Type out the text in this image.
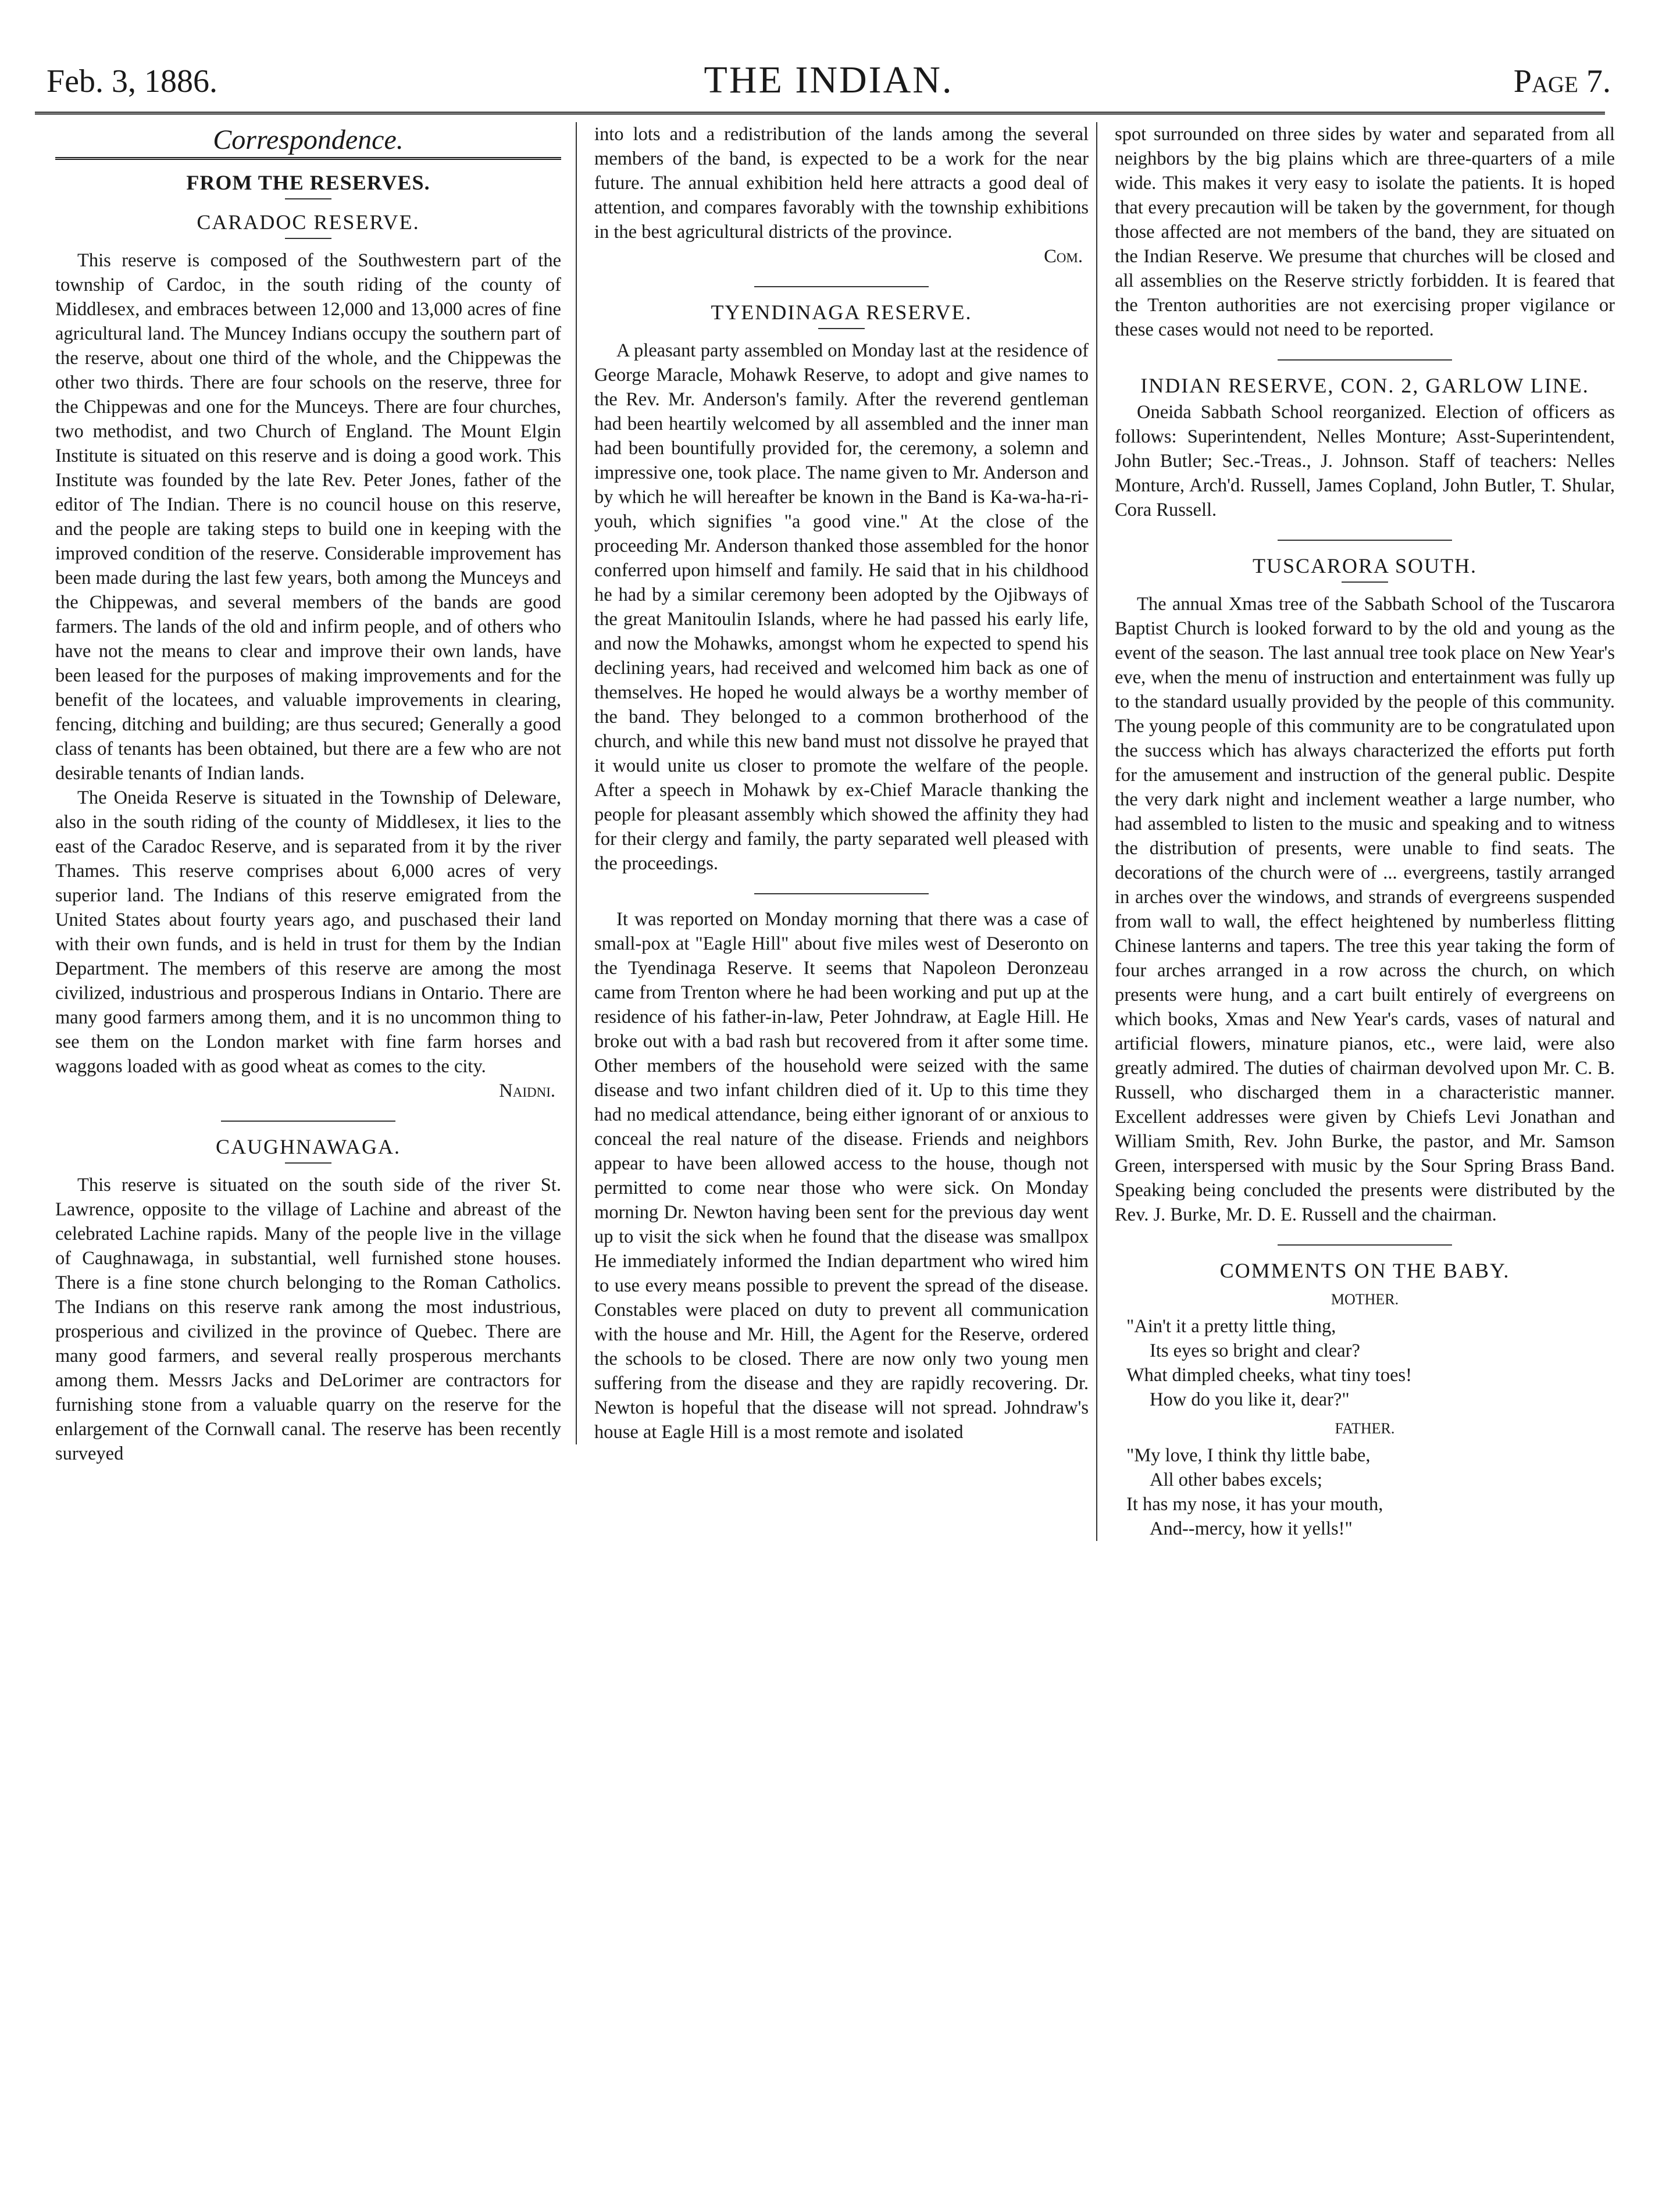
Feb. 3, 1886.	THE INDIAN.	Page 7.
Correspondence.
FROM THE RESERVES.
CARADOC RESERVE.

This reserve is composed of the Southwestern part of the township of Cardoc, in the south riding of the county of Middlesex, and embraces between 12,000 and 13,000 acres of fine agricultural land. The Muncey Indians occupy the southern part of the reserve, about one third of the whole, and the Chippewas the other two thirds. There are four schools on the reserve, three for the Chippewas and one for the Munceys. There are four churches, two methodist, and two Church of England. The Mount Elgin Institute is situated on this reserve and is doing a good work. This Institute was founded by the late Rev. Peter Jones, father of the editor of The Indian. There is no council house on this reserve, and the people are taking steps to build one in keeping with the improved condition of the reserve. Considerable improvement has been made during the last few years, both among the Munceys and the Chippewas, and several members of the bands are good farmers. The lands of the old and infirm people, and of others who have not the means to clear and improve their own lands, have been leased for the purposes of making improvements and for the benefit of the locatees, and valuable improvements in clearing, fencing, ditching and building; are thus secured; Generally a good class of tenants has been obtained, but there are a few who are not desirable tenants of Indian lands.

The Oneida Reserve is situated in the Township of Deleware, also in the south riding of the county of Middlesex, it lies to the east of the Caradoc Reserve, and is separated from it by the river Thames. This reserve comprises about 6,000 acres of very superior land. The Indians of this reserve emigrated from the United States about fourty years ago, and puschased their land with their own funds, and is held in trust for them by the Indian Department. The members of this reserve are among the most civilized, industrious and prosperous Indians in Ontario. There are many good farmers among them, and it is no uncommon thing to see them on the London market with fine farm horses and waggons loaded with as good wheat as comes to the city.

Naidni.
CAUGHNAWAGA.

This reserve is situated on the south side of the river St. Lawrence, opposite to the village of Lachine and abreast of the celebrated Lachine rapids. Many of the people live in the village of Caughnawaga, in substantial, well furnished stone houses. There is a fine stone church belonging to the Roman Catholics. The Indians on this reserve rank among the most industrious, prosperious and civilized in the province of Quebec. There are many good farmers, and several really prosperous merchants among them. Messrs Jacks and DeLorimer are contractors for furnishing stone from a valuable quarry on the reserve for the enlargement of the Cornwall canal. The reserve has been recently surveyed

into lots and a redistribution of the lands among the several members of the band, is expected to be a work for the near future. The annual exhibition held here attracts a good deal of attention, and compares favorably with the township exhibitions in the best agricultural districts of the province.

Com.
TYENDINAGA RESERVE.

A pleasant party assembled on Monday last at the residence of George Maracle, Mohawk Reserve, to adopt and give names to the Rev. Mr. Anderson's family. After the reverend gentleman had been heartily welcomed by all assembled and the inner man had been bountifully provided for, the ceremony, a solemn and impressive one, took place. The name given to Mr. Anderson and by which he will hereafter be known in the Band is Ka-wa-ha-ri-youh, which signifies "a good vine." At the close of the proceeding Mr. Anderson thanked those assembled for the honor conferred upon himself and family. He said that in his childhood he had by a similar ceremony been adopted by the Ojibways of the great Manitoulin Islands, where he had passed his early life, and now the Mohawks, amongst whom he expected to spend his declining years, had received and welcomed him back as one of themselves. He hoped he would always be a worthy member of the band. They belonged to a common brotherhood of the church, and while this new band must not dissolve he prayed that it would unite us closer to promote the welfare of the people. After a speech in Mohawk by ex-Chief Maracle thanking the people for pleasant assembly which showed the affinity they had for their clergy and family, the party separated well pleased with the proceedings.

It was reported on Monday morning that there was a case of small-pox at "Eagle Hill" about five miles west of Deseronto on the Tyendinaga Reserve. It seems that Napoleon Deronzeau came from Trenton where he had been working and put up at the residence of his father-in-law, Peter Johndraw, at Eagle Hill. He broke out with a bad rash but recovered from it after some time. Other members of the household were seized with the same disease and two infant children died of it. Up to this time they had no medical attendance, being either ignorant of or anxious to conceal the real nature of the disease. Friends and neighbors appear to have been allowed access to the house, though not permitted to come near those who were sick. On Monday morning Dr. Newton having been sent for the previous day went up to visit the sick when he found that the disease was smallpox He immediately informed the Indian department who wired him to use every means possible to prevent the spread of the disease. Constables were placed on duty to prevent all communication with the house and Mr. Hill, the Agent for the Reserve, ordered the schools to be closed. There are now only two young men suffering from the disease and they are rapidly recovering. Dr. Newton is hopeful that the disease will not spread. Johndraw's house at Eagle Hill is a most remote and isolated

spot surrounded on three sides by water and separated from all neighbors by the big plains which are three-quarters of a mile wide. This makes it very easy to isolate the patients. It is hoped that every precaution will be taken by the government, for though those affected are not members of the band, they are situated on the Indian Reserve. We presume that churches will be closed and all assemblies on the Reserve strictly forbidden. It is feared that the Trenton authorities are not exercising proper vigilance or these cases would not need to be reported.

INDIAN RESERVE, CON. 2, GARLOW LINE.

Oneida Sabbath School reorganized. Election of officers as follows: Superintendent, Nelles Monture; Asst-Superintendent, John Butler; Sec.-Treas., J. Johnson. Staff of teachers: Nelles Monture, Arch'd. Russell, James Copland, John Butler, T. Shular, Cora Russell.

TUSCARORA SOUTH.

The annual Xmas tree of the Sabbath School of the Tuscarora Baptist Church is looked forward to by the old and young as the event of the season. The last annual tree took place on New Year's eve, when the menu of instruction and entertainment was fully up to the standard usually provided by the people of this community. The young people of this community are to be congratulated upon the success which has always characterized the efforts put forth for the amusement and instruction of the general public. Despite the very dark night and inclement weather a large number, who had assembled to listen to the music and speaking and to witness the distribution of presents, were unable to find seats. The decorations of the church were of ... evergreens, tastily arranged in arches over the windows, and strands of evergreens suspended from wall to wall, the effect heightened by numberless flitting Chinese lanterns and tapers. The tree this year taking the form of four arches arranged in a row across the church, on which presents were hung, and a cart built entirely of evergreens on which books, Xmas and New Year's cards, vases of natural and artificial flowers, minature pianos, etc., were laid, were also greatly admired. The duties of chairman devolved upon Mr. C. B. Russell, who discharged them in a characteristic manner. Excellent addresses were given by Chiefs Levi Jonathan and William Smith, Rev. John Burke, the pastor, and Mr. Samson Green, interspersed with music by the Sour Spring Brass Band. Speaking being concluded the presents were distributed by the Rev. J. Burke, Mr. D. E. Russell and the chairman.

COMMENTS ON THE BABY.
MOTHER.
"Ain't it a pretty little thing,
Its eyes so bright and clear?
What dimpled cheeks, what tiny toes!
How do you like it, dear?"
FATHER.
"My love, I think thy little babe,
All other babes excels;
It has my nose, it has your mouth,
And--mercy, how it yells!"
